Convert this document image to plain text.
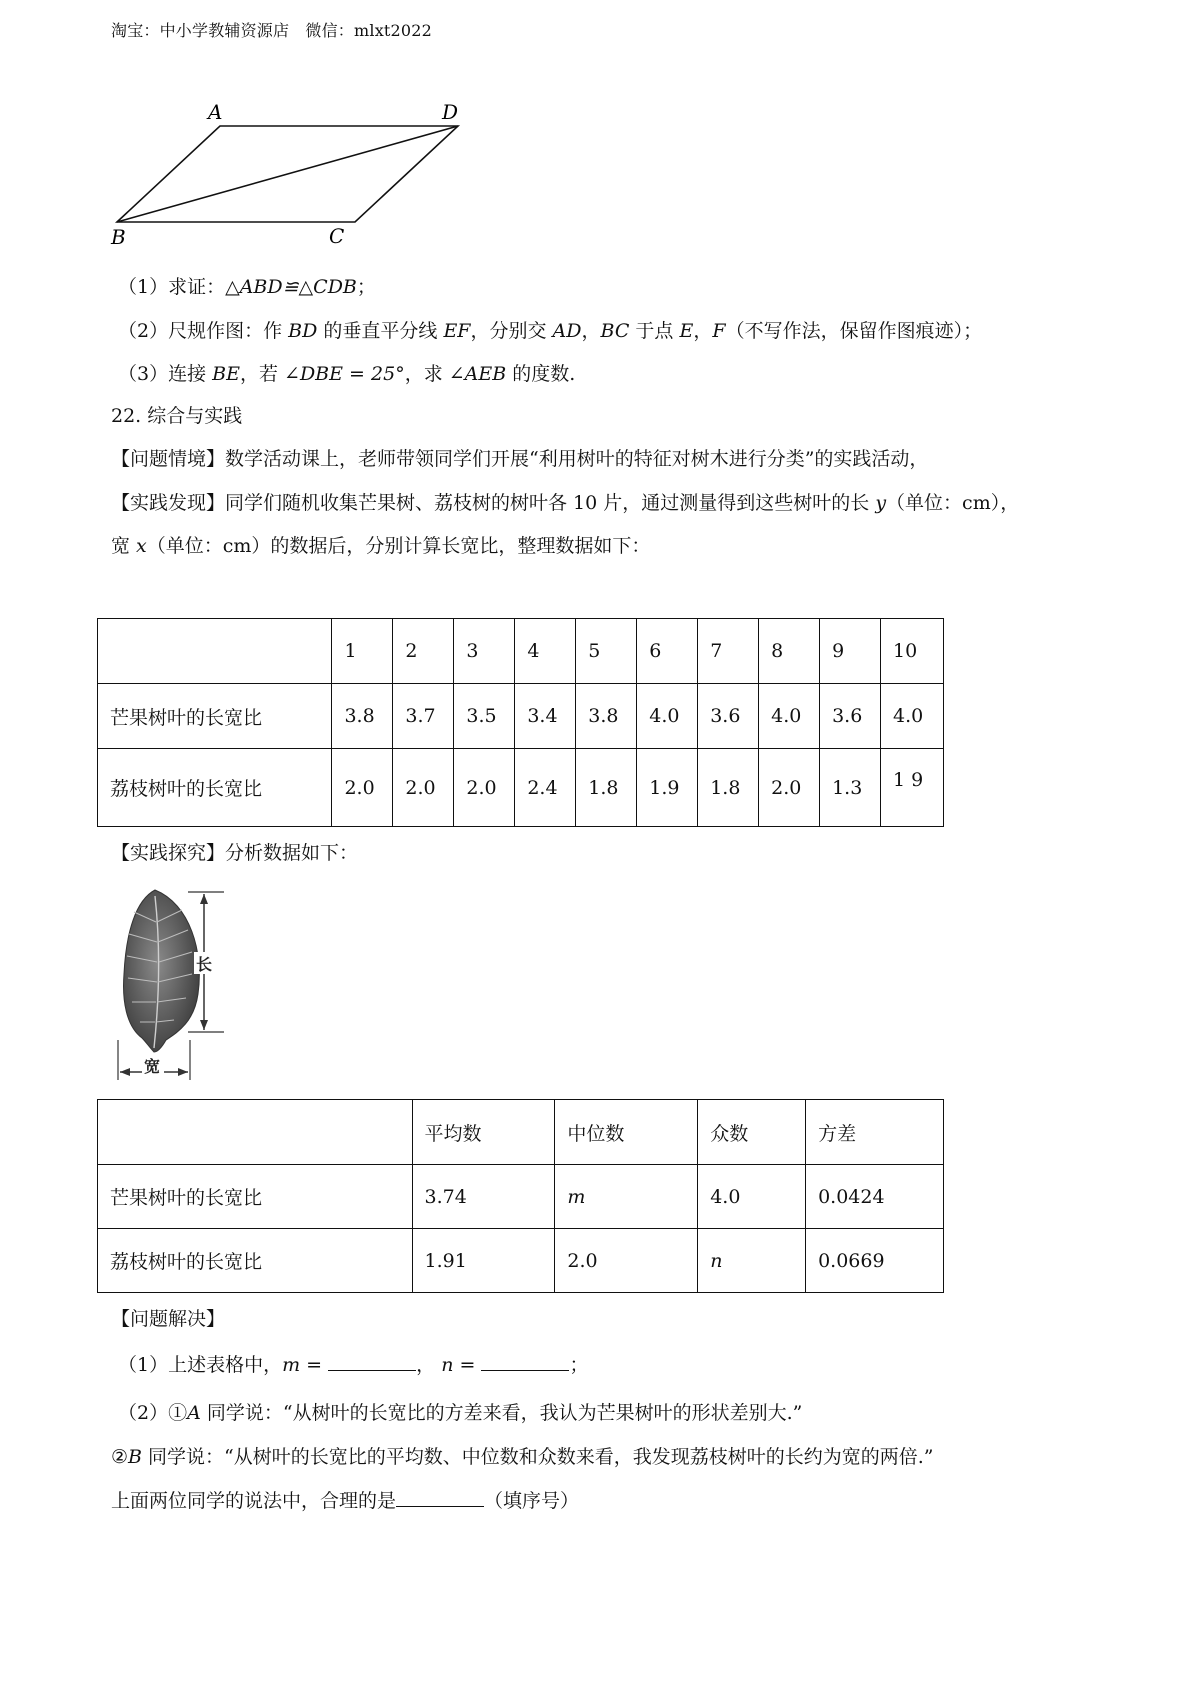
淘宝：中小学教辅资源店　微信：mlxt2022
A	D
B	C
（1）求证：△ABD≌△CDB；
（2）尺规作图：作 BD 的垂直平分线 EF，分别交 AD，BC 于点 E，F（不写作法，保留作图痕迹）；
（3）连接 BE，若 ∠DBE = 25°，求 ∠AEB 的度数.
22. 综合与实践
【问题情境】数学活动课上，老师带领同学们开展“利用树叶的特征对树木进行分类”的实践活动，
【实践发现】同学们随机收集芒果树、荔枝树的树叶各 10 片，通过测量得到这些树叶的长 y（单位：cm），
宽 x（单位：cm）的数据后，分别计算长宽比，整理数据如下：
	1	2	3	4	5	6	7	8	9	10
芒果树叶的长宽比	3.8	3.7	3.5	3.4	3.8	4.0	3.6	4.0	3.6	4.0
荔枝树叶的长宽比	2.0	2.0	2.0	2.4	1.8	1.9	1.8	2.0	1.3	1 9
【实践探究】分析数据如下：
长
宽
	平均数	中位数	众数	方差
芒果树叶的长宽比	3.74	m	4.0	0.0424
荔枝树叶的长宽比	1.91	2.0	n	0.0669
【问题解决】
（1）上述表格中，m =	， n =	；
（2）①A 同学说：“从树叶的长宽比的方差来看，我认为芒果树叶的形状差别大.”
②B 同学说：“从树叶的长宽比的平均数、中位数和众数来看，我发现荔枝树叶的长约为宽的两倍.”
上面两位同学的说法中，合理的是	（填序号）
